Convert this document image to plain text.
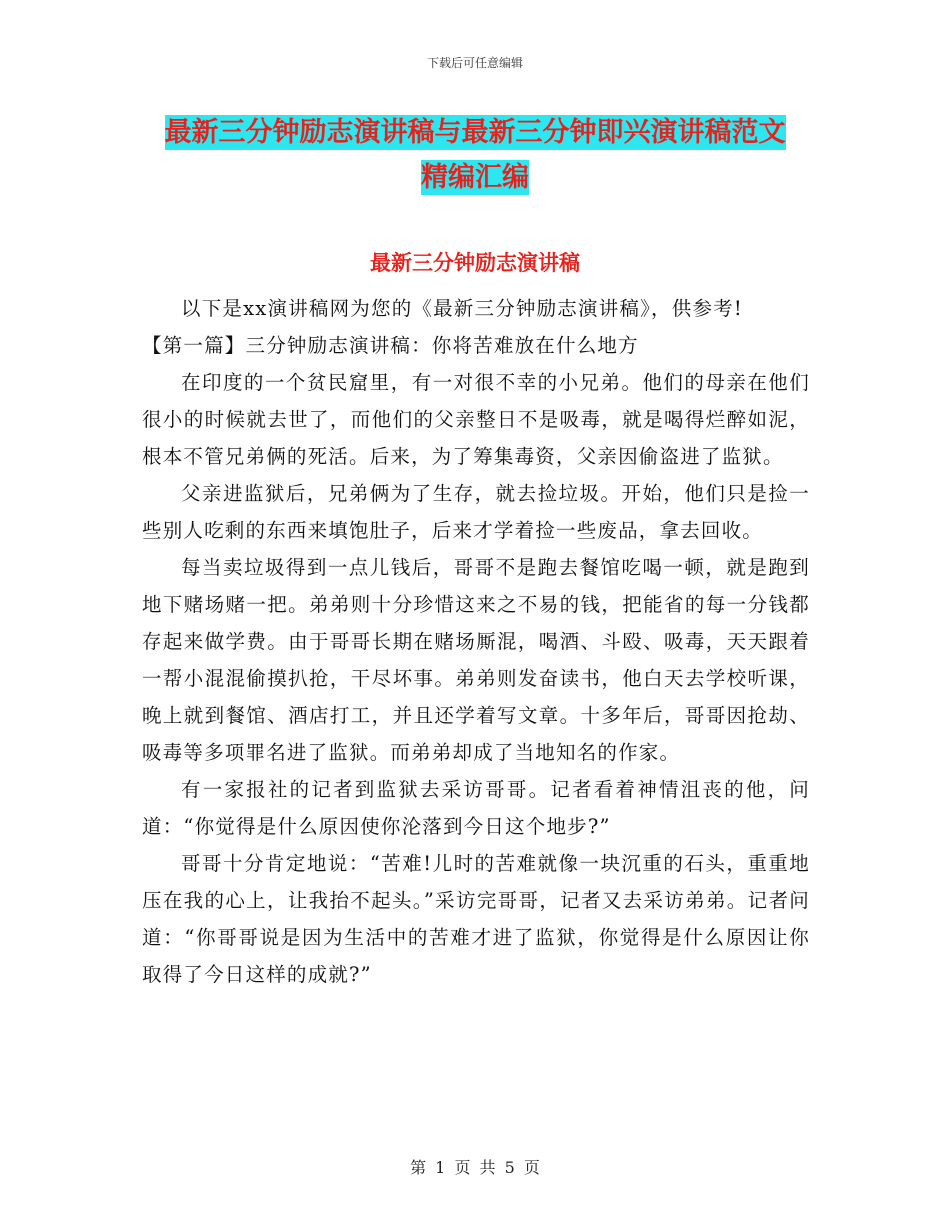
下载后可任意编辑
最新三分钟励志演讲稿与最新三分钟即兴演讲稿范文
精编汇编
最新三分钟励志演讲稿

以下是xx演讲稿网为您的《最新三分钟励志演讲稿》，供参考!

【第一篇】三分钟励志演讲稿：你将苦难放在什么地方

在印度的一个贫民窟里，有一对很不幸的小兄弟。他们的母亲在他们很小的时候就去世了，而他们的父亲整日不是吸毒，就是喝得烂醉如泥，根本不管兄弟俩的死活。后来，为了筹集毒资，父亲因偷盗进了监狱。

父亲进监狱后，兄弟俩为了生存，就去捡垃圾。开始，他们只是捡一些别人吃剩的东西来填饱肚子，后来才学着捡一些废品，拿去回收。

每当卖垃圾得到一点儿钱后，哥哥不是跑去餐馆吃喝一顿，就是跑到地下赌场赌一把。弟弟则十分珍惜这来之不易的钱，把能省的每一分钱都存起来做学费。由于哥哥长期在赌场厮混，喝酒、斗殴、吸毒，天天跟着一帮小混混偷摸扒抢，干尽坏事。弟弟则发奋读书，他白天去学校听课，晚上就到餐馆、酒店打工，并且还学着写文章。十多年后，哥哥因抢劫、吸毒等多项罪名进了监狱。而弟弟却成了当地知名的作家。

有一家报社的记者到监狱去采访哥哥。记者看着神情沮丧的他，问道：“你觉得是什么原因使你沦落到今日这个地步?”

哥哥十分肯定地说：“苦难!儿时的苦难就像一块沉重的石头，重重地压在我的心上，让我抬不起头。”采访完哥哥，记者又去采访弟弟。记者问道：“你哥哥说是因为生活中的苦难才进了监狱，你觉得是什么原因让你取得了今日这样的成就?”

第 1 页 共 5 页
